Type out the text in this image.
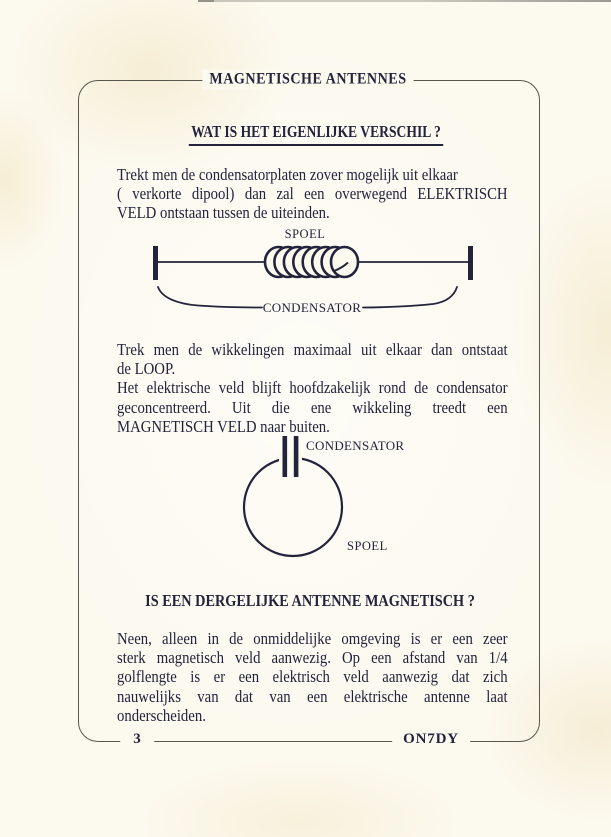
MAGNETISCHE ANTENNES
WAT IS HET EIGENLIJKE VERSCHIL ?
Trekt men de condensatorplaten zover mogelijk uit elkaar
( verkorte dipool) dan zal een overwegend ELEKTRISCH
VELD ontstaan tussen de uiteinden.
SPOEL
CONDENSATOR
Trek men de wikkelingen maximaal uit elkaar dan ontstaat
de LOOP.
Het elektrische veld blijft hoofdzakelijk rond de condensator
geconcentreerd. Uit die ene wikkeling treedt een
MAGNETISCH VELD naar buiten.
CONDENSATOR
SPOEL
IS EEN DERGELIJKE ANTENNE MAGNETISCH ?
Neen, alleen in de onmiddelijke omgeving is er een zeer
sterk magnetisch veld aanwezig. Op een afstand van 1/4
golflengte is er een elektrisch veld aanwezig dat zich
nauwelijks van dat van een elektrische antenne laat
onderscheiden.
3	ON7DY
